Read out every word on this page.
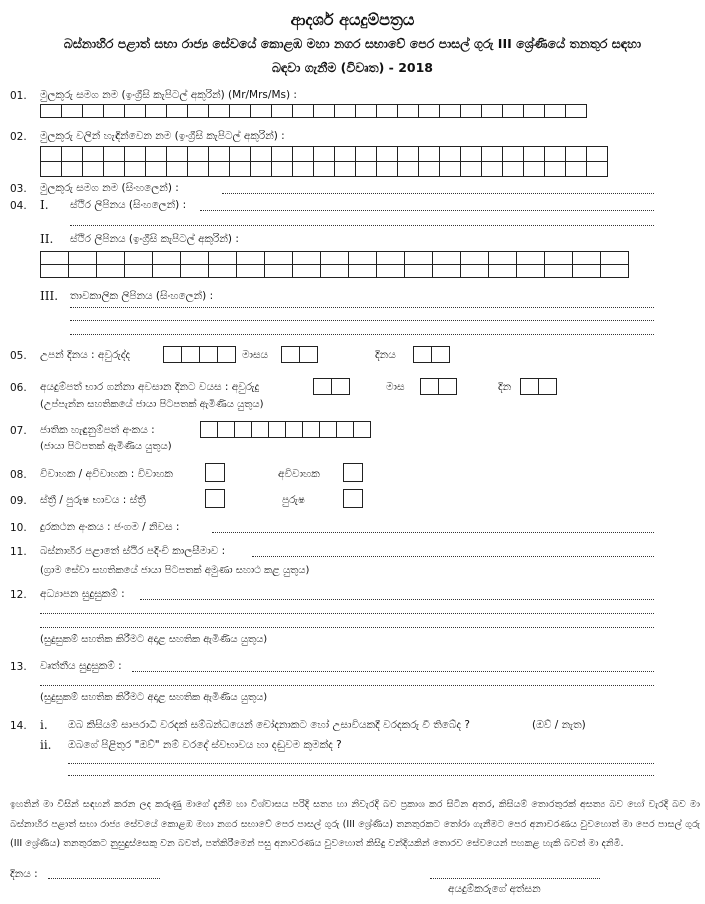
ආදර්ශ අයදුම්පත්‍රය
බස්නාහිර පළාත් සභා රාජ්‍ය සේවයේ කොළඹ මහා නගර සභාවේ පෙර පාසල් ගුරු III ශ්‍රේණියේ තනතුර සඳහා
බඳවා ගැනීම (විවෘත) - 2018
01. මුලකුරු සමග නම (ඉංග්‍රීසි කැපිටල් අකුරින්) (Mr/Mrs/Ms) :
02. මුලකුරු වලින් හැඳින්වෙන නම (ඉංග්‍රීසි කැපිටල් අකුරින්) :
03. මුලකුරු සමග නම (සිංහලෙන්) :
04. I. ස්ථිර ලිපිනය (සිංහලෙන්) :
II. ස්ථිර ලිපිනය (ඉංග්‍රීසි කැපිටල් අකුරින්) :
III. තාවකාලික ලිපිනය (සිංහලෙන්) :
05. උපන් දිනය : අවුරුද්ද	මාසය	දිනය
06. අයදුම්පත් භාර ගන්නා අවසාන දිනට වයස : අවුරුදු	මාස	දින
(උප්පැන්න සහතිකයේ ජායා පිටපතක් ඇමිණිය යුතුය)
07. ජාතික හැඳුනුම්පත් අංකය :
(ජායා පිටපතක් ඇමිණිය යුතුය)
08. විවාහක / අවිවාහක : විවාහක	අවිවාහක
09. ස්ත්‍රී / පුරුෂ භාවය : ස්ත්‍රී	පුරුෂ
10. දුරකථන අංකය : ජංගම / නිවස :
11. බස්නාහිර පළාතේ ස්ථිර පදිංචි කාලසීමාව :
(ග්‍රාම සේවා සහතිකයේ ජායා පිටපතක් අමුණා සහාථ කළ යුතුය)
12. අධ්‍යාපන සුදුසුකම් :
(සුදුසුකම් සහතික කිරීමට අදාළ සහතික ඇමිණිය යුතුය)
13. වෘත්තීය සුදුසුකම් :
(සුදුසුකම් සහතික කිරීමට අදාළ සහතික ඇමිණිය යුතුය)
14. i. ඔබ කිසියම් සාපරාධී වරදක් සම්බන්ධයෙන් චෝදනාකට හෝ උසාවියකදී වරදකරු වී තිබේද ?	(ඔව් / නැත)
ii. ඔබගේ පිළිතුර "ඔව්" නම් වරදේ ස්වභාවය හා දඬුවම කුමක්ද ?
ඉහතින් මා විසින් සඳහන් කරන ලද කරුණු මාගේ දැනීම හා විශ්වාසය පරිදි සත්‍ය හා නිවැරදි බව ප්‍රකාශ කර සිටින අතර, කිසියම් තොරතුරක් අසත්‍ය බව හෝ වැරදි බව මා බස්නාහිර පළාත් සභා රාජ්‍ය සේවයේ කොළඹ මහා නගර සභාවේ පෙර පාසල් ගුරු (III ශ්‍රේණිය) තනතුරකට තෝරා ගැනීමට පෙර අනාවරණය වුවහොත් මා පෙර පාසල් ගුරු (III ශ්‍රේණිය) තනතුරකට නුසුදුස්සෙකු වන බවත්, පත්කිරීමෙන් පසු අනාවරණය වුවහොත් කිසිදු වන්දියකින් තොරව සේවයෙන් පහකළ හැකි බවත් මා දනිමි.
දිනය :
අයදුම්කරුගේ අත්සන
